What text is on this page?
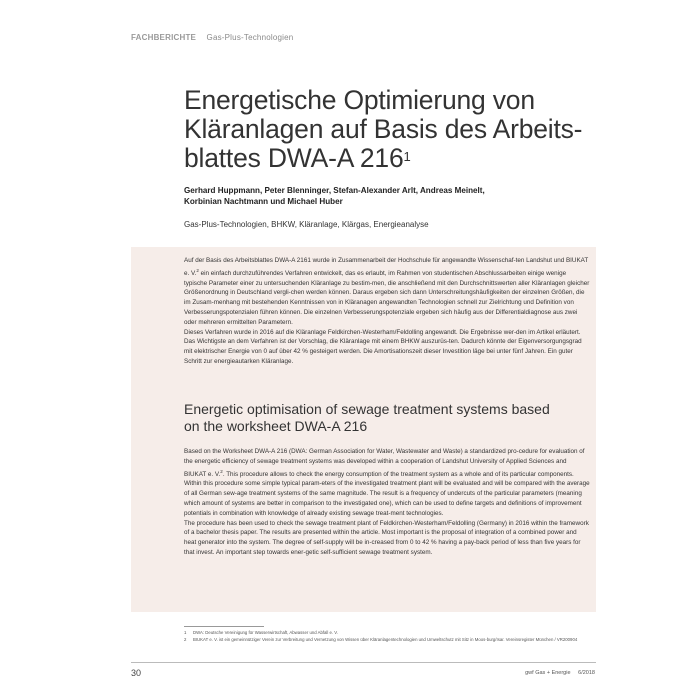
FACHBERICHTE Gas-Plus-Technologien
Energetische Optimierung von
Kläranlagen auf Basis des Arbeits-
blattes DWA-A $216^1$
Gerhard Huppmann, Peter Blenninger, Stefan-Alexander Arlt, Andreas Meinelt,
Korbinian Nachtmann und Michael Huber
Gas-Plus-Technologien, BHKW, Kläranlage, Klärgas, Energieanalyse

Auf der Basis des Arbeitsblattes DWA-A 2161 wurde in Zusammenarbeit der Hochschule für angewandte Wissenschaf-ten Landshut und BIUKAT e. V.$^2$ ein einfach durchzuführendes Verfahren entwickelt, das es erlaubt, im Rahmen von studentischen Abschlussarbeiten einige wenige typische Parameter einer zu untersuchenden Kläranlage zu bestim-men, die anschließend mit den Durchschnittswerten aller Kläranlagen gleicher Größenordnung in Deutschland vergli-chen werden können. Daraus ergeben sich dann Unterschreitungshäufigkeiten der einzelnen Größen, die im Zusam-menhang mit bestehenden Kenntnissen von in Kläranagen angewandten Technologien schnell zur Zielrichtung und Definition von Verbesserungspotenzialen führen können. Die einzelnen Verbesserungspotenziale ergeben sich häufig aus der Differentialdiagnose aus zwei oder mehreren ermittelten Parametern.
Dieses Verfahren wurde in 2016 auf die Kläranlage Feldkirchen-Westerham/Feldolling angewandt. Die Ergebnisse wer-den im Artikel erläutert. Das Wichtigste an dem Verfahren ist der Vorschlag, die Kläranlage mit einem BHKW auszurüs-ten. Dadurch könnte der Eigenversorgungsgrad mit elektrischer Energie von 0 auf über 42 % gesteigert werden. Die Amortisationszeit dieser Investition läge bei unter fünf Jahren. Ein guter Schritt zur energieautarken Kläranlage.

Energetic optimisation of sewage treatment systems based
on the worksheet DWA-A 216

Based on the Worksheet DWA-A 216 (DWA: German Association for Water, Wastewater and Waste) a standardized pro-cedure for evaluation of the energetic efficiency of sewage treatment systems was developed within a cooperation of Landshut University of Applied Sciences and BIUKAT e. V.$^2$. This procedure allows to check the energy consumption of the treatment system as a whole and of its particular components. Within this procedure some simple typical param-eters of the investigated treatment plant will be evaluated and will be compared with the average of all German sew-age treatment systems of the same magnitude. The result is a frequency of undercuts of the particular parameters (meaning which amount of systems are better in comparison to the investigated one), which can be used to define targets and definitions of improvement potentials in combination with knowledge of already existing sewage treat-ment technologies.
The procedure has been used to check the sewage treatment plant of Feldkirchen-Westerham/Feldolling (Germany) in 2016 within the framework of a bachelor thesis paper. The results are presented within the article. Most important is the proposal of integration of a combined power and heat generator into the system. The degree of self-supply will be in-creased from 0 to 42 % having a pay-back period of less than five years for that invest. An important step towards ener-getic self-sufficient sewage treatment system.

1	DWA: Deutsche Vereinigung für Wasserwirtschaft, Abwasser und Abfall e. V.
2	BIUKAT e. V. ist ein gemeinnütziger Verein zur Verbreitung und Vernetzung von Wissen über Kläranlagentechnologien und Umweltschutz mit Sitz in Moos-burg/Isar. Vereinsregister München / VR200904
30	gwf Gas + Energie     6/2018
